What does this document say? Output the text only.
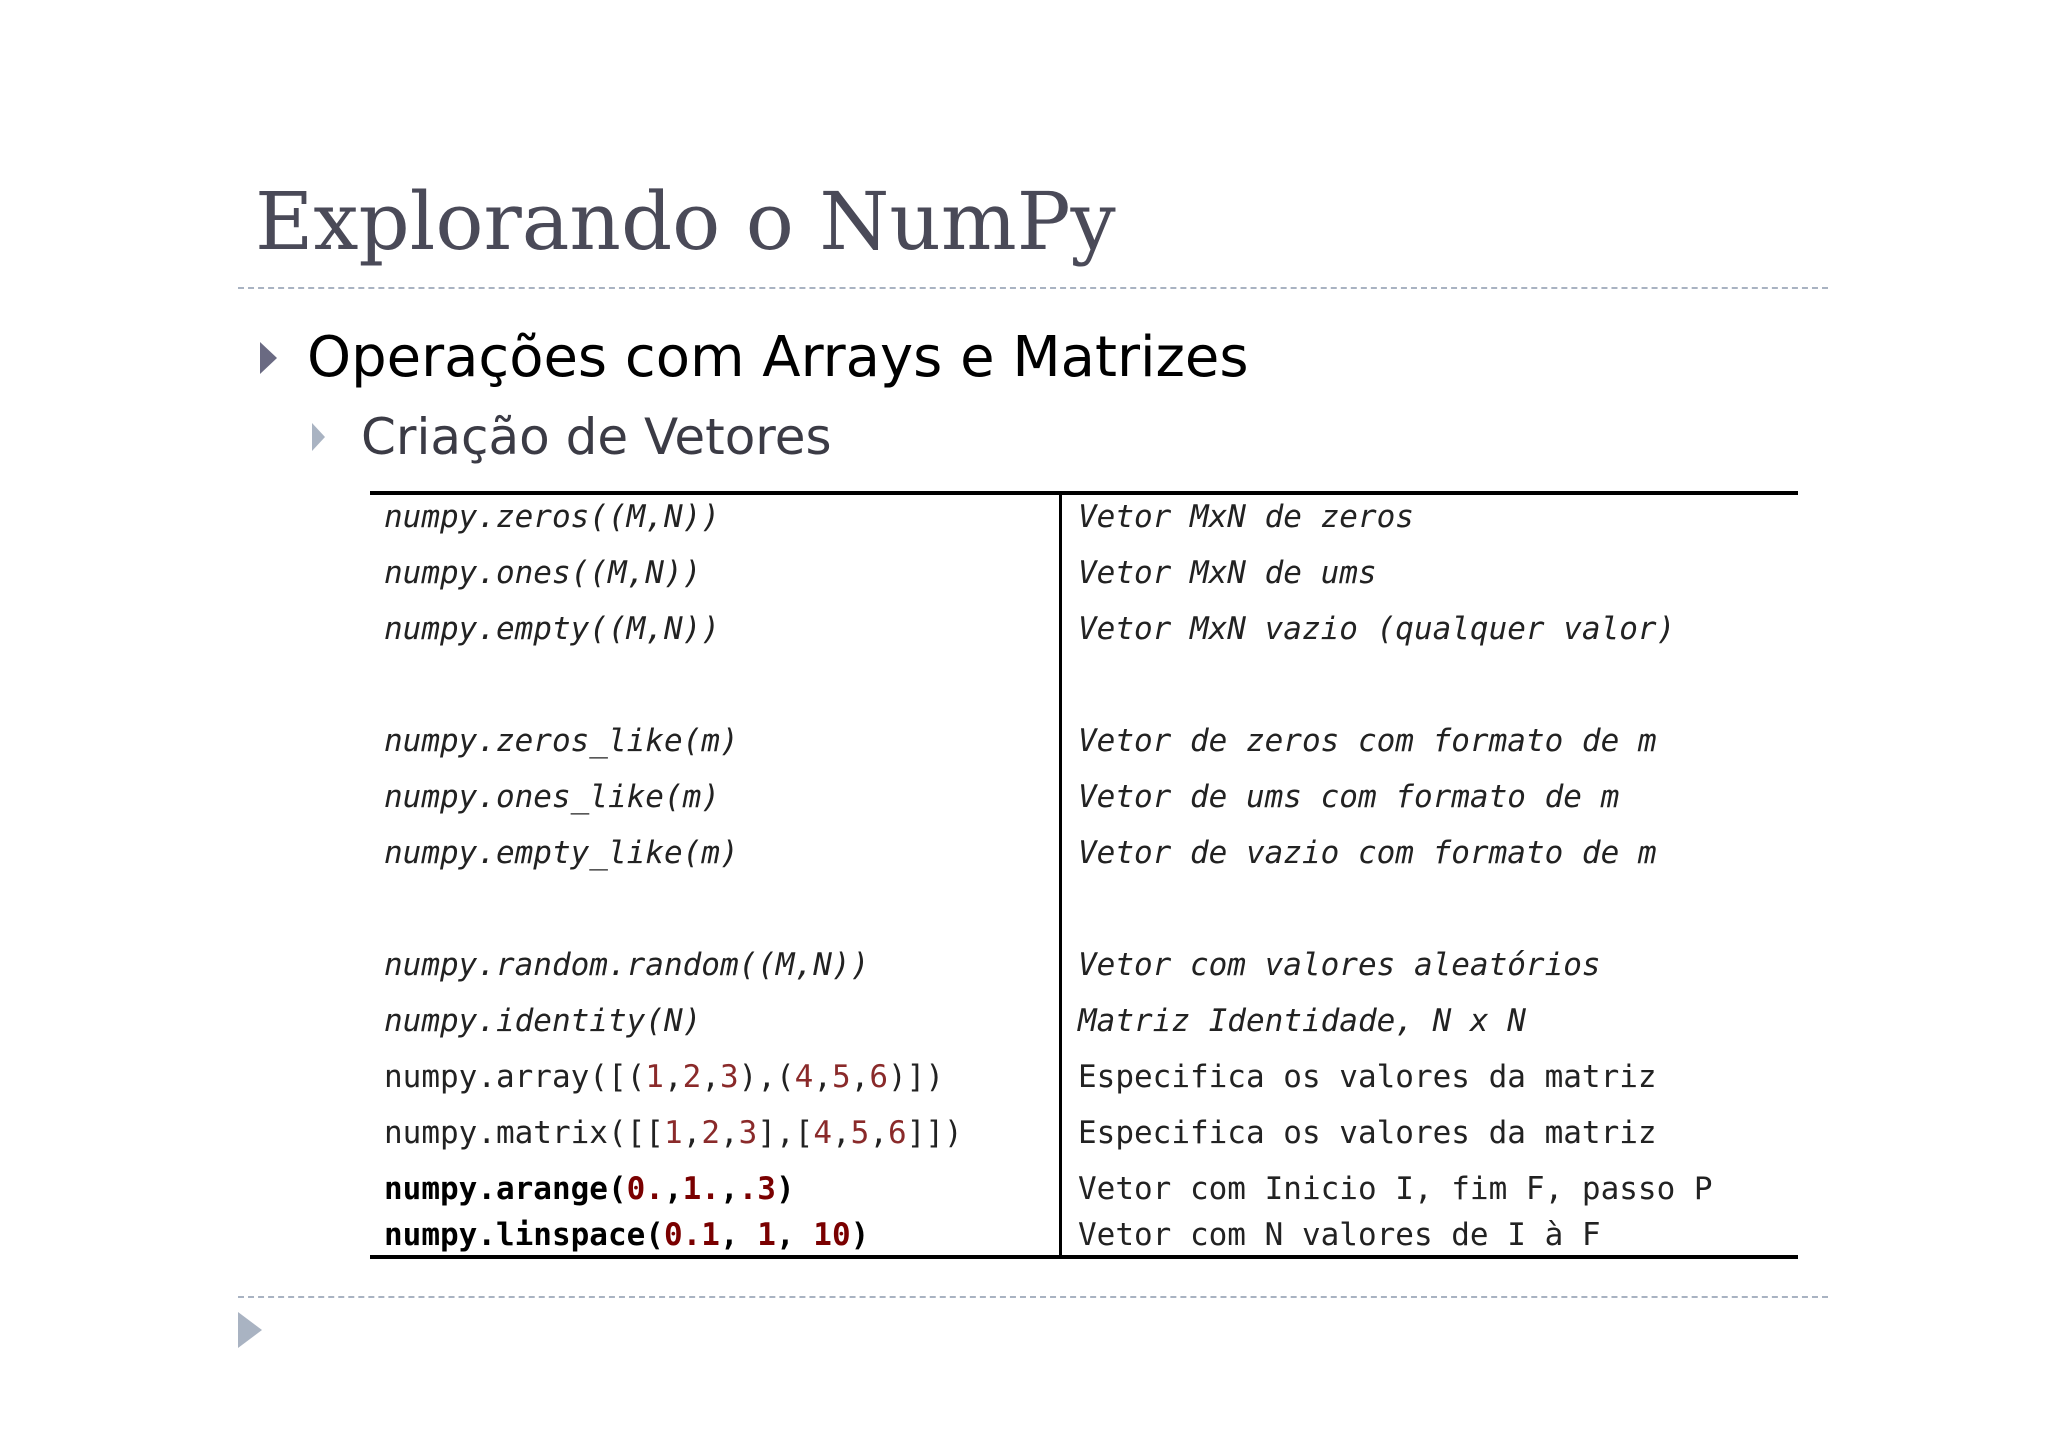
Explorando o NumPy
Operações com Arrays e Matrizes
Criação de Vetores
numpy.zeros((M,N))	Vetor MxN de zeros
numpy.ones((M,N))	Vetor MxN de ums
numpy.empty((M,N))	Vetor MxN vazio (qualquer valor)
numpy.zeros_like(m)	Vetor de zeros com formato de m
numpy.ones_like(m)	Vetor de ums com formato de m
numpy.empty_like(m)	Vetor de vazio com formato de m
numpy.random.random((M,N))	Vetor com valores aleatórios
numpy.identity(N)	Matriz Identidade, N x N
numpy.array([(1,2,3),(4,5,6)])	Especifica os valores da matriz
numpy.matrix([[1,2,3],[4,5,6]])	Especifica os valores da matriz
numpy.arange(0.,1.,.3)	Vetor com Inicio I, fim F, passo P
numpy.linspace(0.1, 1, 10)	Vetor com N valores de I à F
